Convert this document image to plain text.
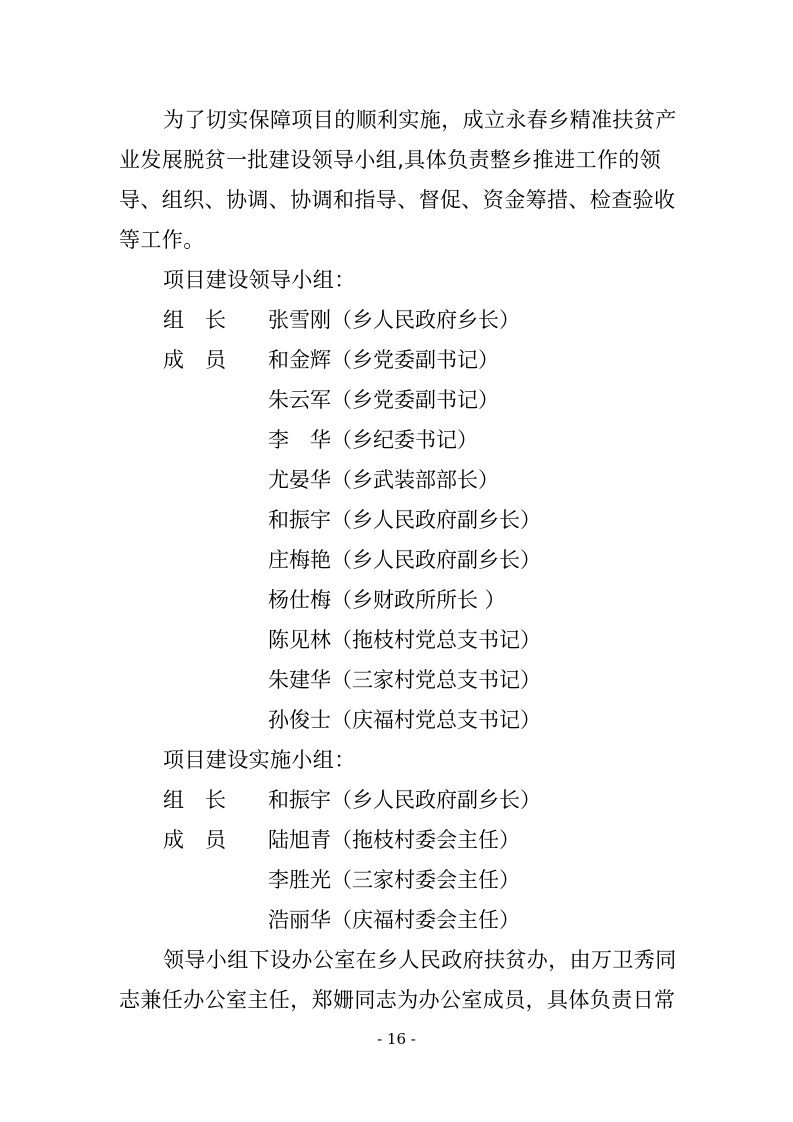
为了切实保障项目的顺利实施，成立永春乡精准扶贫产
业发展脱贫一批建设领导小组,具体负责整乡推进工作的领
导、组织、协调、协调和指导、督促、资金筹措、检查验收
等工作。
项目建设领导小组：
组　长 张雪刚（乡人民政府乡长）
成　员 和金辉（乡党委副书记）
朱云军（乡党委副书记）
李　华（乡纪委书记）
尤晏华（乡武装部部长）
和振宇（乡人民政府副乡长）
庄梅艳（乡人民政府副乡长）
杨仕梅（乡财政所所长 ）
陈见林（拖枝村党总支书记）
朱建华（三家村党总支书记）
孙俊士（庆福村党总支书记）
项目建设实施小组：
组　长 和振宇（乡人民政府副乡长）
成　员 陆旭青（拖枝村委会主任）
李胜光（三家村委会主任）
浩丽华（庆福村委会主任）
领导小组下设办公室在乡人民政府扶贫办，由万卫秀同
志兼任办公室主任，郑姗同志为办公室成员，具体负责日常
- 16 -
